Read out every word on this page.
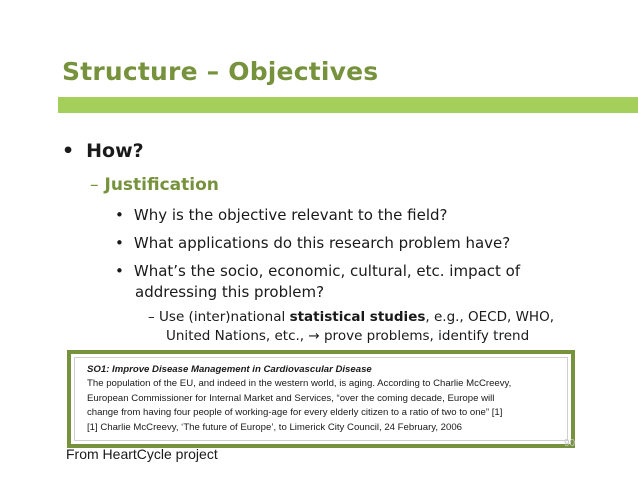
Structure – Objectives
• How?
– Justification
• Why is the objective relevant to the field?
• What applications do this research problem have?
• What’s the socio, economic, cultural, etc. impact of
addressing this problem?
– Use (inter)national statistical studies, e.g., OECD, WHO,
United Nations, etc., → prove problems, identify trend
SO1: Improve Disease Management in Cardiovascular Disease
The population of the EU, and indeed in the western world, is aging. According to Charlie McCreevy,
European Commissioner for Internal Market and Services, “over the coming decade, Europe will
change from having four people of working-age for every elderly citizen to a ratio of two to one” [1]
[1] Charlie McCreevy, ‘The future of Europe’, to Limerick City Council, 24 February, 2006
90
From HeartCycle project
